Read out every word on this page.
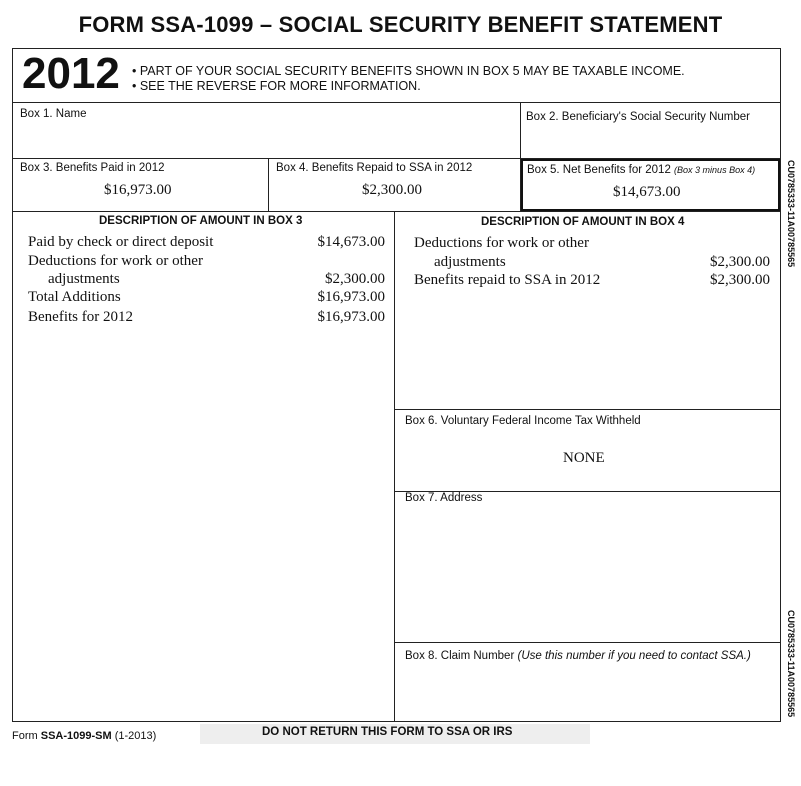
FORM SSA-1099 – SOCIAL SECURITY BENEFIT STATEMENT
2012 • PART OF YOUR SOCIAL SECURITY BENEFITS SHOWN IN BOX 5 MAY BE TAXABLE INCOME.
• SEE THE REVERSE FOR MORE INFORMATION.
Box 1. Name	Box 2. Beneficiary's Social Security Number
Box 3. Benefits Paid in 2012
$16,973.00
Box 4. Benefits Repaid to SSA in 2012
$2,300.00
Box 5. Net Benefits for 2012 (Box 3 minus Box 4)
$14,673.00
DESCRIPTION OF AMOUNT IN BOX 3
Paid by check or direct deposit	$14,673.00
Deductions for work or other
adjustments	$2,300.00
Total Additions	$16,973.00
Benefits for 2012	$16,973.00
DESCRIPTION OF AMOUNT IN BOX 4
Deductions for work or other
adjustments	$2,300.00
Benefits repaid to SSA in 2012	$2,300.00
Box 6. Voluntary Federal Income Tax Withheld
NONE
Box 7. Address
Box 8. Claim Number (Use this number if you need to contact SSA.)
Form SSA-1099-SM (1-2013)	DO NOT RETURN THIS FORM TO SSA OR IRS
CU0785333-11A00785565
CU0785333-11A00785565
